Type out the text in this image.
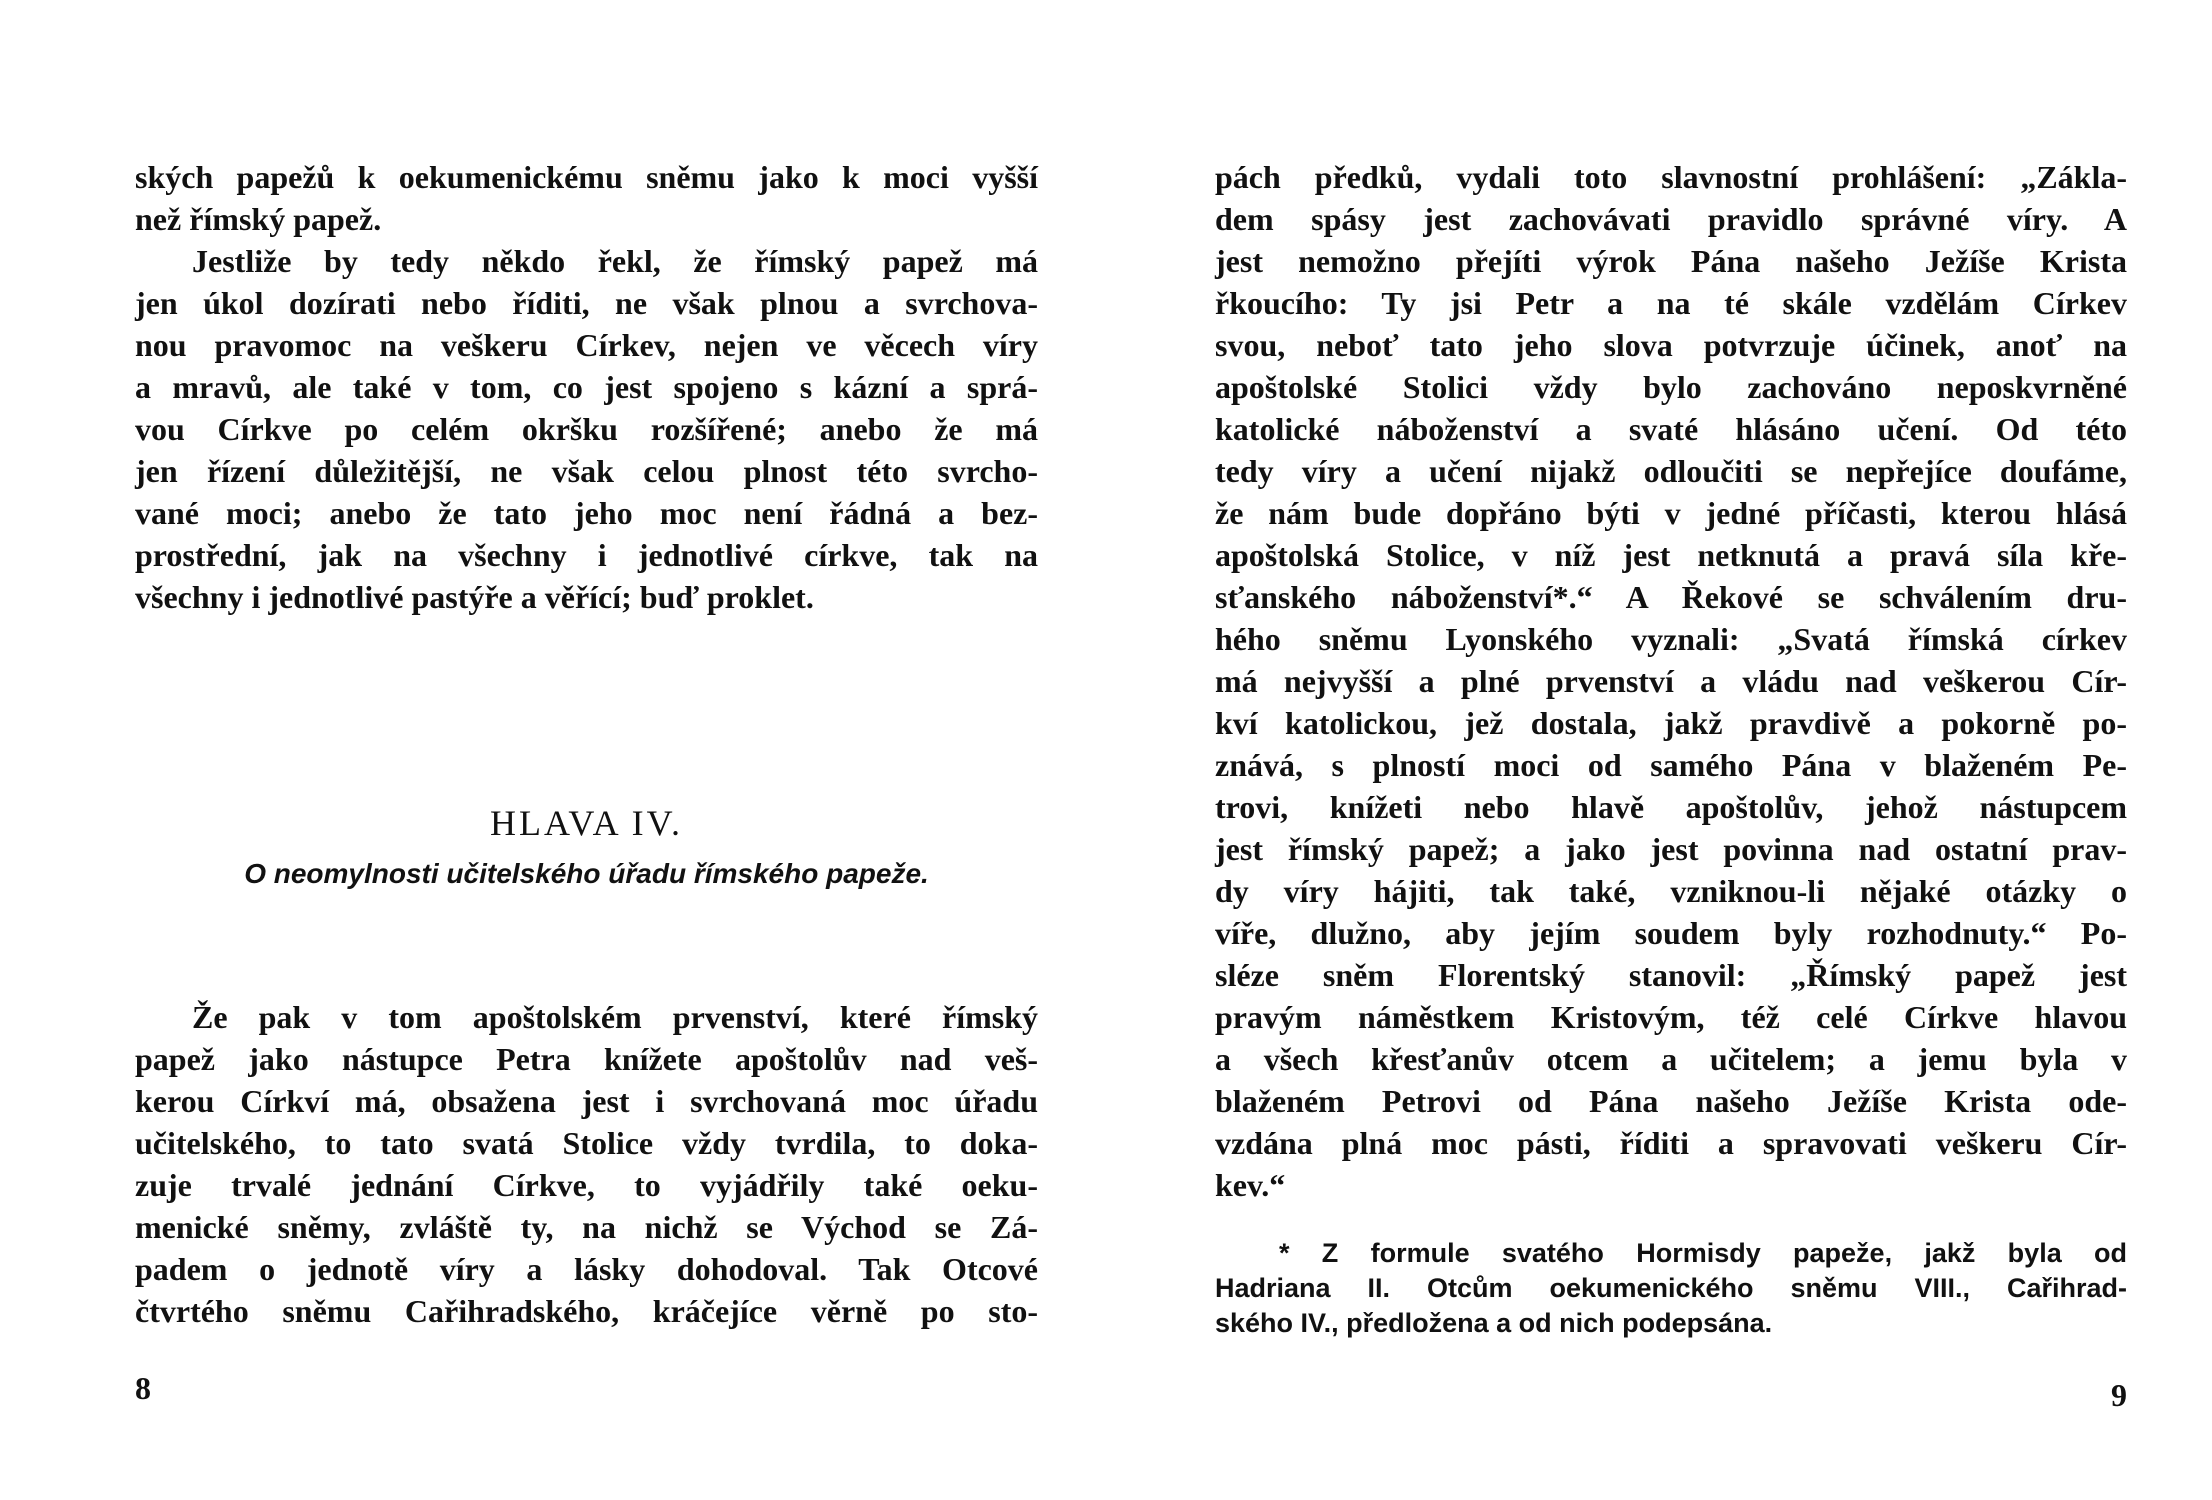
ských papežů k oekumenickému sněmu jako k moci vyšší
než římský papež.
Jestliže by tedy někdo řekl, že římský papež má
jen úkol dozírati nebo říditi, ne však plnou a svrchova-
nou pravomoc na veškeru Církev, nejen ve věcech víry
a mravů, ale také v tom, co jest spojeno s kázní a sprá-
vou Církve po celém okršku rozšířené; anebo že má
jen řízení důležitější, ne však celou plnost této svrcho-
vané moci; anebo že tato jeho moc není řádná a bez-
prostřední, jak na všechny i jednotlivé církve, tak na
všechny i jednotlivé pastýře a věřící; buď proklet.
HLAVA IV.
O neomylnosti učitelského úřadu římského papeže.
Že pak v tom apoštolském prvenství, které římský
papež jako nástupce Petra knížete apoštolův nad veš-
kerou Církví má, obsažena jest i svrchovaná moc úřadu
učitelského, to tato svatá Stolice vždy tvrdila, to doka-
zuje trvalé jednání Církve, to vyjádřily také oeku-
menické sněmy, zvláště ty, na nichž se Východ se Zá-
padem o jednotě víry a lásky dohodoval. Tak Otcové
čtvrtého sněmu Cařihradského, kráčejíce věrně po sto-
8
pách předků, vydali toto slavnostní prohlášení: „Zákla-
dem spásy jest zachovávati pravidlo správné víry. A
jest nemožno přejíti výrok Pána našeho Ježíše Krista
řkoucího: Ty jsi Petr a na té skále vzdělám Církev
svou, neboť tato jeho slova potvrzuje účinek, anoť na
apoštolské Stolici vždy bylo zachováno neposkvrněné
katolické náboženství a svaté hlásáno učení. Od této
tedy víry a učení nijakž odloučiti se nepřejíce doufáme,
že nám bude dopřáno býti v jedné příčasti, kterou hlásá
apoštolská Stolice, v níž jest netknutá a pravá síla kře-
sťanského náboženství*.“ A Řekové se schválením dru-
hého sněmu Lyonského vyznali: „Svatá římská církev
má nejvyšší a plné prvenství a vládu nad veškerou Cír-
kví katolickou, jež dostala, jakž pravdivě a pokorně po-
znává, s plností moci od samého Pána v blaženém Pe-
trovi, knížeti nebo hlavě apoštolův, jehož nástupcem
jest římský papež; a jako jest povinna nad ostatní prav-
dy víry hájiti, tak také, vzniknou-li nějaké otázky o
víře, dlužno, aby jejím soudem byly rozhodnuty.“ Po-
sléze sněm Florentský stanovil: „Římský papež jest
pravým náměstkem Kristovým, též celé Církve hlavou
a všech křesťanův otcem a učitelem; a jemu byla v
blaženém Petrovi od Pána našeho Ježíše Krista ode-
vzdána plná moc pásti, říditi a spravovati veškeru Cír-
kev.“
* Z formule svatého Hormisdy papeže, jakž byla od
Hadriana II. Otcům oekumenického sněmu VIII., Cařihrad-
ského IV., předložena a od nich podepsána.
9
